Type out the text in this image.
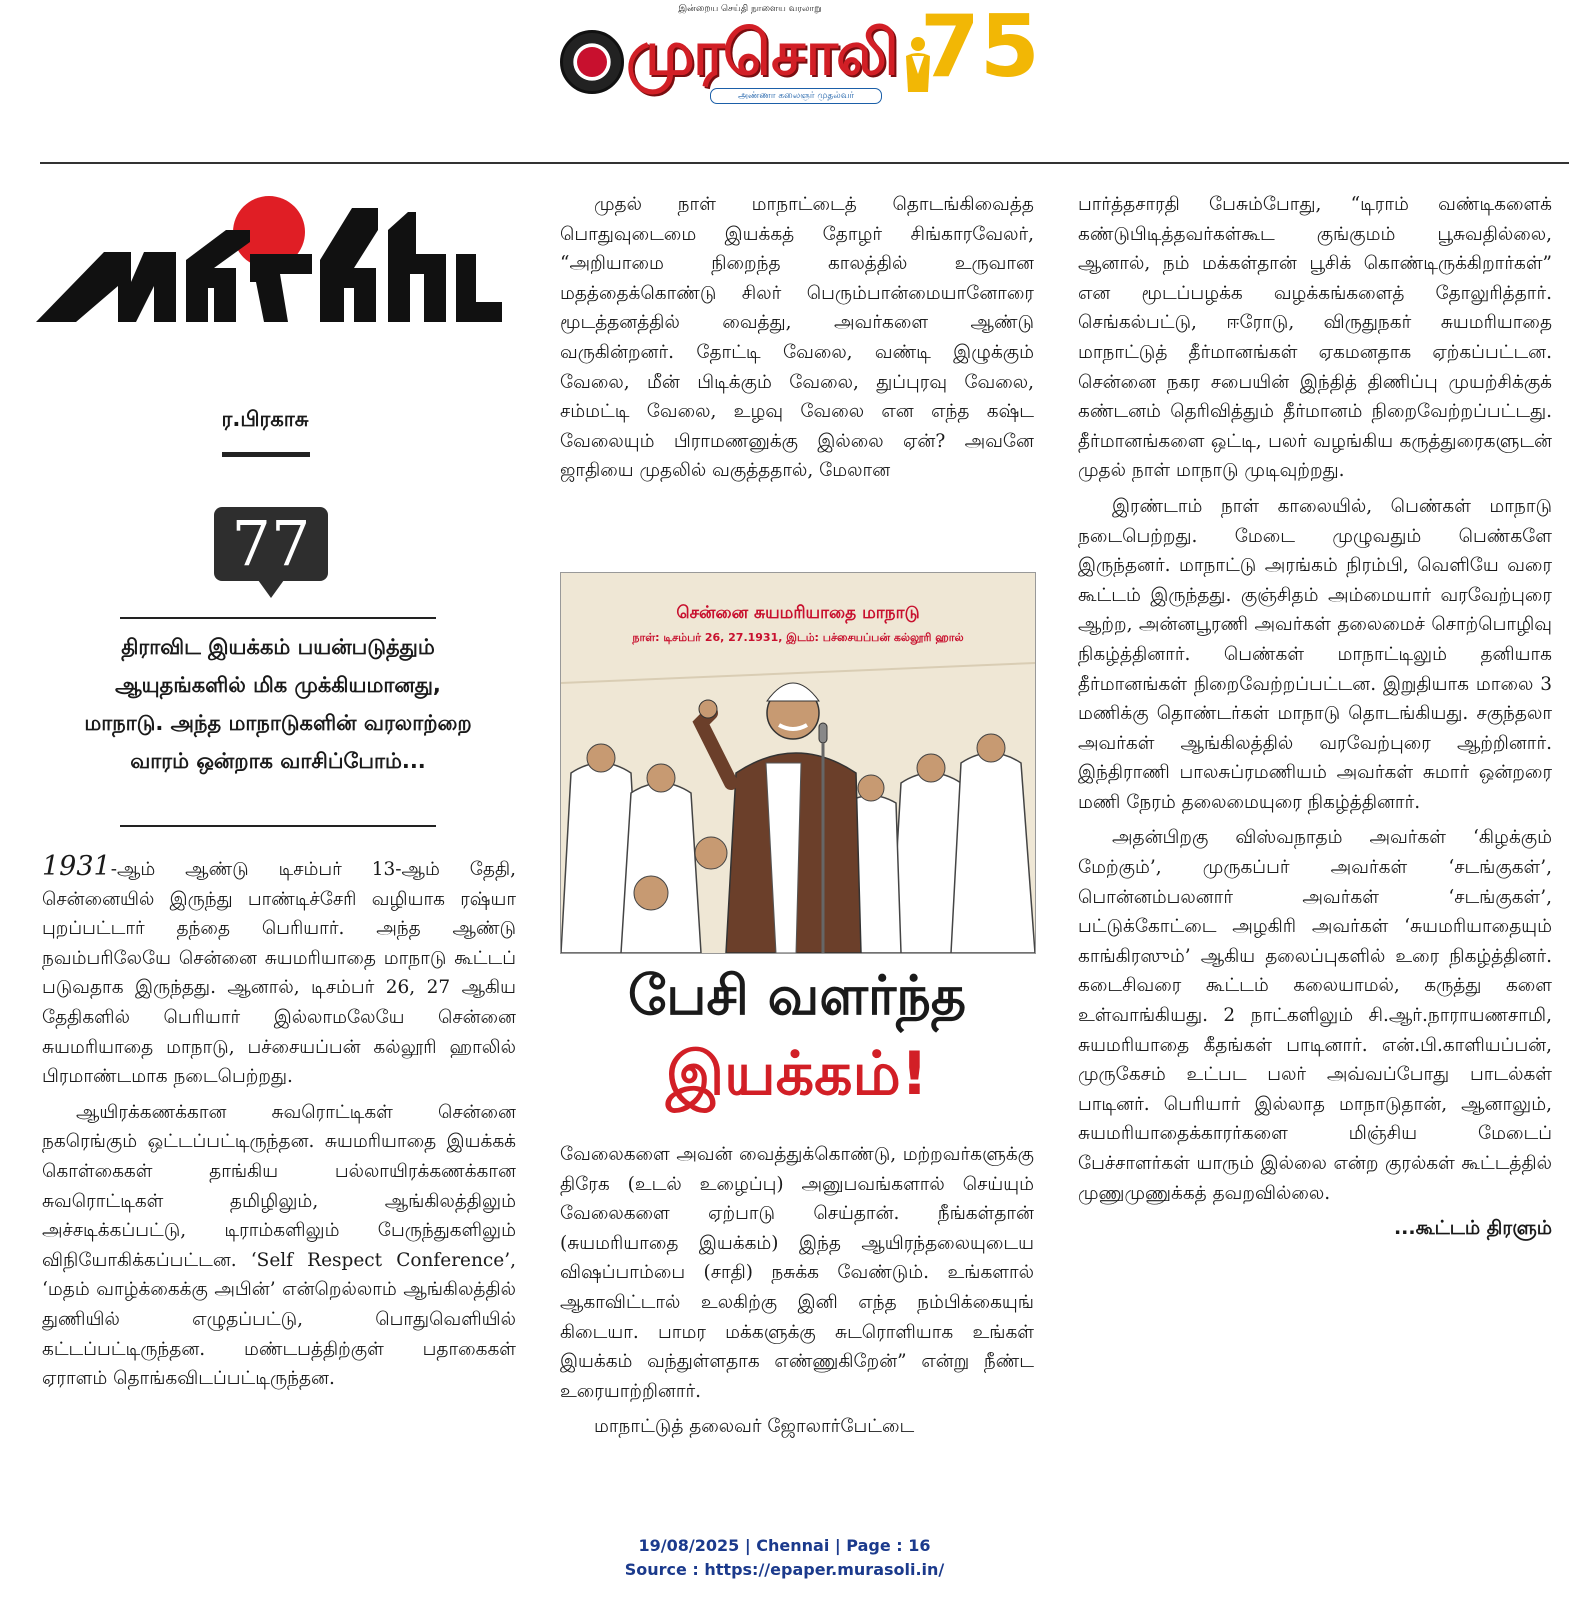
இன்றைய செய்தி நாளைய வரலாறு
முரசொலி
அண்ணா கலைஞர் முதல்வர் 75
மாநாடு
ர.பிரகாசு
77
திராவிட இயக்கம் பயன்படுத்தும் ஆயுதங்களில் மிக முக்கியமானது, மாநாடு. அந்த மாநாடுகளின் வரலாற்றை வாரம் ஒன்றாக வாசிப்போம்...

1931-ஆம் ஆண்டு டிசம்பர் 13-ஆம் தேதி, சென்னையில் இருந்து பாண்டிச்சேரி வழியாக ரஷ்யா புறப்பட்டார் தந்தை பெரியார். அந்த ஆண்டு நவம்பரிலேயே சென்னை சுயமரியாதை மாநாடு கூட்டப் படுவதாக இருந்தது. ஆனால், டிசம்பர் 26, 27 ஆகிய தேதிகளில் பெரியார் இல்லாமலேயே சென்னை சுயமரியாதை மாநாடு, பச்சையப்பன் கல்லூரி ஹாலில் பிரமாண்டமாக நடைபெற்றது.

ஆயிரக்கணக்கான சுவரொட்டிகள் சென்னை நகரெங்கும் ஒட்டப்பட்டிருந்தன. சுயமரியாதை இயக்கக் கொள்கைகள் தாங்கிய பல்லாயிரக்கணக்கான சுவரொட்டிகள் தமிழிலும், ஆங்கிலத்திலும் அச்சடிக்கப்பட்டு, டிராம்களிலும் பேருந்துகளிலும் விநியோகிக்கப்பட்டன. ‘Self Respect Conference’, ‘மதம் வாழ்க்கைக்கு அபின்’ என்றெல்லாம் ஆங்கிலத்தில் துணியில் எழுதப்பட்டு, பொதுவெளியில் கட்டப்பட்டிருந்தன. மண்டபத்திற்குள் பதாகைகள் ஏராளம் தொங்கவிடப்பட்டிருந்தன.

முதல் நாள் மாநாட்டைத் தொடங்கிவைத்த பொதுவுடைமை இயக்கத் தோழர் சிங்காரவேலர், “அறியாமை நிறைந்த காலத்தில் உருவான மதத்தைக்கொண்டு சிலர் பெரும்பான்மையானோரை மூடத்தனத்தில் வைத்து, அவர்களை ஆண்டு வருகின்றனர். தோட்டி வேலை, வண்டி இழுக்கும் வேலை, மீன் பிடிக்கும் வேலை, துப்புரவு வேலை, சம்மட்டி வேலை, உழவு வேலை என எந்த கஷ்ட வேலையும் பிராமணனுக்கு இல்லை ஏன்? அவனே ஜாதியை முதலில் வகுத்ததால், மேலான

சென்னை சுயமரியாதை மாநாடு
நாள்: டிசம்பர் 26, 27.1931, இடம்: பச்சையப்பன் கல்லூரி ஹால்
பேசி வளர்ந்த
இயக்கம்!

வேலைகளை அவன் வைத்துக்கொண்டு, மற்றவர்களுக்கு திரேக (உடல் உழைப்பு) அனுபவங்களால் செய்யும் வேலைகளை ஏற்பாடு செய்தான். நீங்கள்தான் (சுயமரியாதை இயக்கம்) இந்த ஆயிரந்தலையுடைய விஷப்பாம்பை (சாதி) நசுக்க வேண்டும். உங்களால் ஆகாவிட்டால் உலகிற்கு இனி எந்த நம்பிக்கையுங் கிடையா. பாமர மக்களுக்கு சுடரொளியாக உங்கள் இயக்கம் வந்துள்ளதாக எண்ணுகிறேன்” என்று நீண்ட உரையாற்றினார்.

மாநாட்டுத் தலைவர் ஜோலார்பேட்டை

பார்த்தசாரதி பேசும்போது, “டிராம் வண்டிகளைக் கண்டுபிடித்தவர்கள்கூட குங்குமம் பூசுவதில்லை, ஆனால், நம் மக்கள்தான் பூசிக் கொண்டிருக்கிறார்கள்” என மூடப்பழக்க வழக்கங்களைத் தோலுரித்தார். செங்கல்பட்டு, ஈரோடு, விருதுநகர் சுயமரியாதை மாநாட்டுத் தீர்மானங்கள் ஏகமனதாக ஏற்கப்பட்டன. சென்னை நகர சபையின் இந்தித் திணிப்பு முயற்சிக்குக் கண்டனம் தெரிவித்தும் தீர்மானம் நிறைவேற்றப்பட்டது. தீர்மானங்களை ஒட்டி, பலர் வழங்கிய கருத்துரைகளுடன் முதல் நாள் மாநாடு முடிவுற்றது.

இரண்டாம் நாள் காலையில், பெண்கள் மாநாடு நடைபெற்றது. மேடை முழுவதும் பெண்களே இருந்தனர். மாநாட்டு அரங்கம் நிரம்பி, வெளியே வரை கூட்டம் இருந்தது. குஞ்சிதம் அம்மையார் வரவேற்புரை ஆற்ற, அன்னபூரணி அவர்கள் தலைமைச் சொற்பொழிவு நிகழ்த்தினார். பெண்கள் மாநாட்டிலும் தனியாக தீர்மானங்கள் நிறைவேற்றப்பட்டன. இறுதியாக மாலை 3 மணிக்கு தொண்டர்கள் மாநாடு தொடங்கியது. சகுந்தலா அவர்கள் ஆங்கிலத்தில் வரவேற்புரை ஆற்றினார். இந்திராணி பாலசுப்ரமணியம் அவர்கள் சுமார் ஒன்றரை மணி நேரம் தலைமையுரை நிகழ்த்தினார்.

அதன்பிறகு விஸ்வநாதம் அவர்கள் ‘கிழக்கும் மேற்கும்’, முருகப்பர் அவர்கள் ‘சடங்குகள்’, பொன்னம்பலனார் அவர்கள் ‘சடங்குகள்’, பட்டுக்கோட்டை அழகிரி அவர்கள் ‘சுயமரியாதையும் காங்கிரஸும்’ ஆகிய தலைப்புகளில் உரை நிகழ்த்தினர். கடைசிவரை கூட்டம் கலையாமல், கருத்து களை உள்வாங்கியது. 2 நாட்களிலும் சி.ஆர்.நாராயணசாமி, சுயமரியாதை கீதங்கள் பாடினார். என்.பி.காளியப்பன், முருகேசம் உட்பட பலர் அவ்வப்போது பாடல்கள் பாடினர். பெரியார் இல்லாத மாநாடுதான், ஆனாலும், சுயமரியாதைக்காரர்களை மிஞ்சிய மேடைப் பேச்சாளர்கள் யாரும் இல்லை என்ற குரல்கள் கூட்டத்தில் முணுமுணுக்கத் தவறவில்லை.

...கூட்டம் திரளும்
19/08/2025 | Chennai | Page : 16
Source : https://epaper.murasoli.in/
